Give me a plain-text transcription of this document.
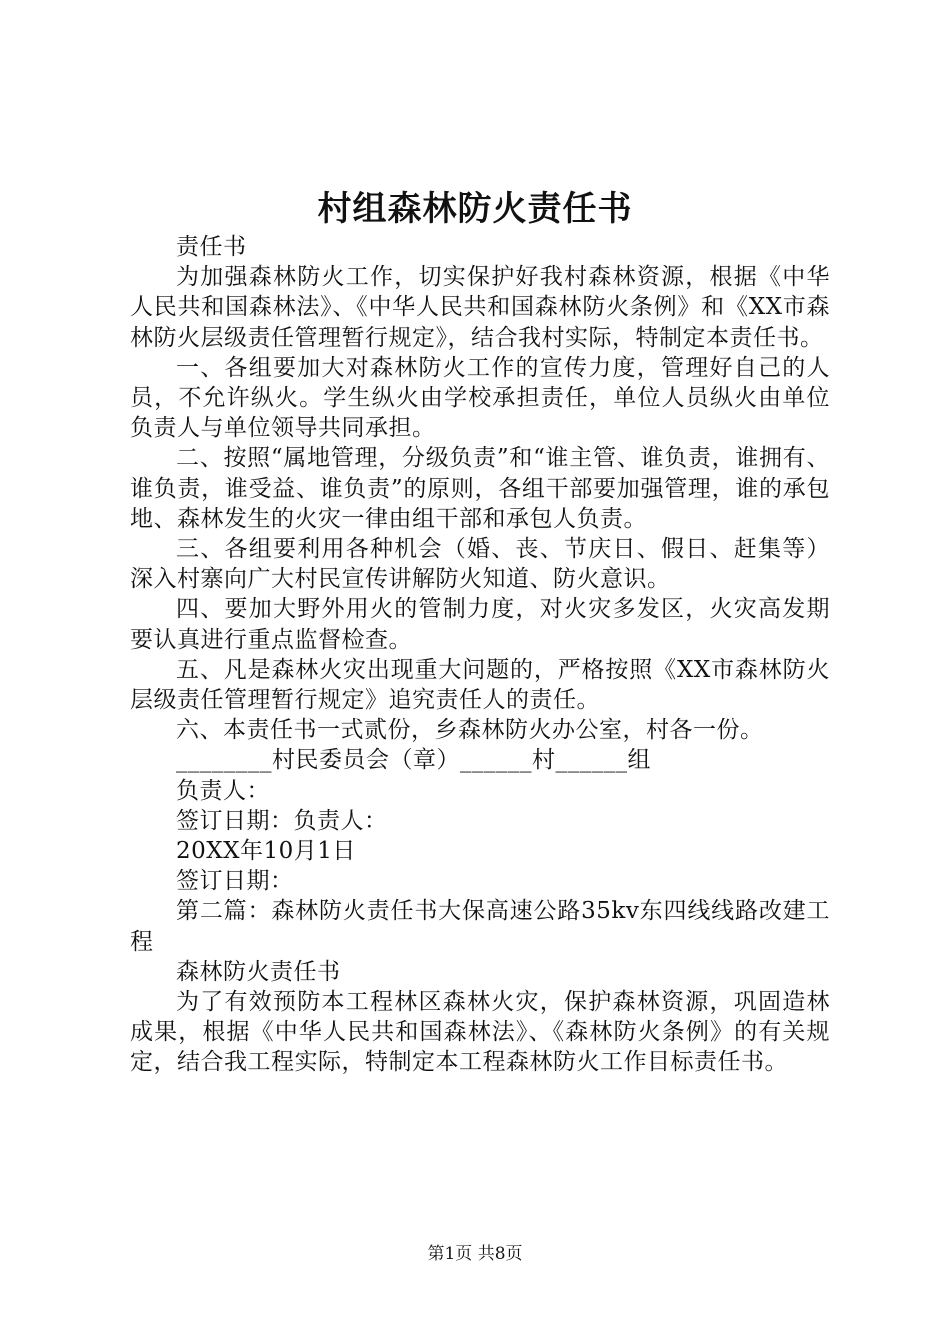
村组森林防火责任书

责任书

为加强森林防火工作，切实保护好我村森林资源，根据《中华人民共和国森林法》、《中华人民共和国森林防火条例》和《XX市森林防火层级责任管理暂行规定》，结合我村实际，特制定本责任书。

一、各组要加大对森林防火工作的宣传力度，管理好自己的人员，不允许纵火。学生纵火由学校承担责任，单位人员纵火由单位负责人与单位领导共同承担。

二、按照“属地管理，分级负责”和“谁主管、谁负责，谁拥有、谁负责，谁受益、谁负责”的原则，各组干部要加强管理，谁的承包地、森林发生的火灾一律由组干部和承包人负责。

三、各组要利用各种机会（婚、丧、节庆日、假日、赶集等）深入村寨向广大村民宣传讲解防火知道、防火意识。

四、要加大野外用火的管制力度，对火灾多发区，火灾高发期要认真进行重点监督检查。

五、凡是森林火灾出现重大问题的，严格按照《XX市森林防火层级责任管理暂行规定》追究责任人的责任。

六、本责任书一式贰份，乡森林防火办公室，村各一份。

________村民委员会（章）______村______组

负责人：

签订日期：负责人：

20XX年10月1日

签订日期：

第二篇：森林防火责任书大保高速公路35kv东四线线路改建工程

森林防火责任书

为了有效预防本工程林区森林火灾，保护森林资源，巩固造林成果，根据《中华人民共和国森林法》、《森林防火条例》的有关规定，结合我工程实际，特制定本工程森林防火工作目标责任书。

第1页 共8页
